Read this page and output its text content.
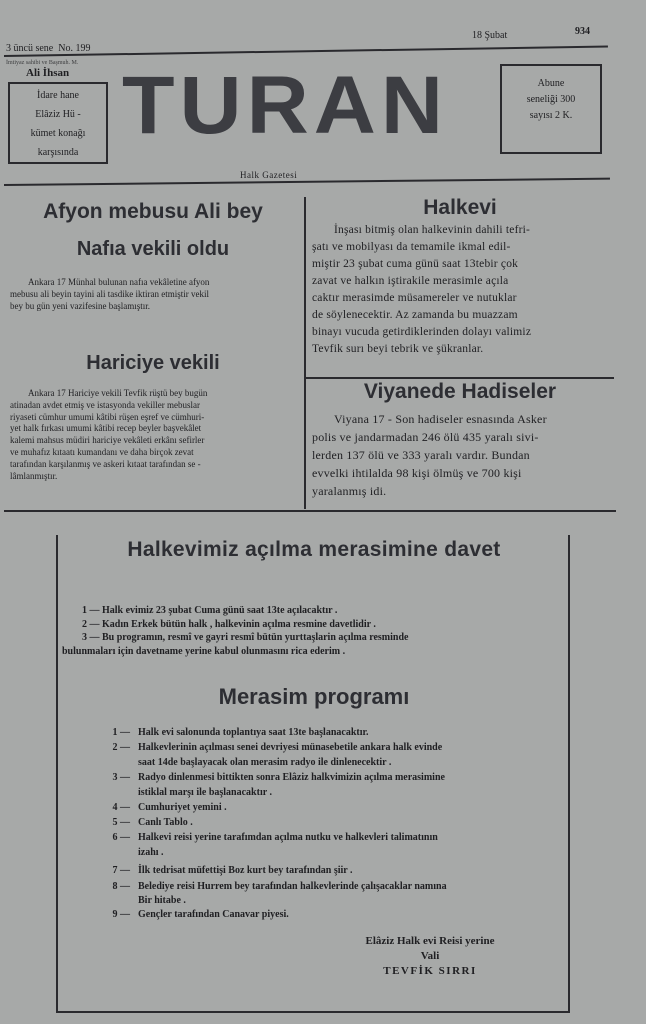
3 üncü sene No. 199
18 Şubat	934
İmtiyaz sahibi ve Başmuh. M.
Ali İhsan
İdare hane
Elâziz Hü -
kümet konağı
karşısında
TURAN	Abune
seneliği 300
sayısı 2 K.
Halk Gazetesi
Afyon mebusu Ali bey
Nafıa vekili oldu
Ankara 17 Münhal bulunan nafıa vekâletine afyon
mebusu ali beyin tayini ali tasdike iktiran etmiştir vekil
bey bu gün yeni vazifesine başlamıştır.
Hariciye vekili
Ankara 17 Hariciye vekili Tevfik rüştü bey bugün
atinadan avdet etmiş ve istasyonda vekiller mebuslar
riyaseti cümhur umumi kâtibi rüşen eşref ve cümhuri-
yet halk fırkası umumi kâtibi recep beyler başvekâlet
kalemi mahsus müdiri hariciye vekâleti erkânı sefirler
ve muhafız kıtaatı kumandanı ve daha birçok zevat
tarafından karşılanmış ve askeri kıtaat tarafından se -
lâmlanmıştır.
Halkevi
İnşası bitmiş olan halkevinin dahili tefri-
şatı ve mobilyası da temamile ikmal edil-
miştir 23 şubat cuma günü saat 13tebir çok
zavat ve halkın iştirakile merasimle açıla
caktır merasimde müsamereler ve nutuklar
de söylenecektir. Az zamanda bu muazzam
binayı vucuda getirdiklerinden dolayı valimiz
Tevfik surı beyi tebrik ve şükranlar.
Viyanede Hadiseler
Viyana 17 - Son hadiseler esnasında Asker
polis ve jandarmadan 246 ölü 435 yaralı sivi-
lerden 137 ölü ve 333 yaralı vardır. Bundan
evvelki ihtilalda 98 kişi ölmüş ve 700 kişi
yaralanmış idi.
Halkevimiz açılma merasimine davet
1 — Halk evimiz 23 şubat Cuma günü saat 13te açılacaktır .
2 — Kadın Erkek bütün halk , halkevinin açılma resmine davetlidir .
3 — Bu programın, resmî ve gayri resmî bütün yurttaşlarin açılma resminde
bulunmaları için davetname yerine kabul olunmasını rica ederim .
Merasim programı
1 — Halk evi salonunda toplantıya saat 13te başlanacaktır.
2 — Halkevlerinin açılması senei devriyesi münasebetile ankara halk evinde
saat 14de başlayacak olan merasim radyo ile dinlenecektir .
3 — Radyo dinlenmesi bittikten sonra Elâziz halkvimizin açılma merasimine
istiklal marşı ile başlanacaktır .
4 — Cumhuriyet yemini .
5 — Canlı Tablo .
6 — Halkevi reisi yerine tarafımdan açılma nutku ve halkevleri talimatının
izahı .
7 — İlk tedrisat müfettişi Boz kurt bey tarafından şiir .
8 — Belediye reisi Hurrem bey tarafından halkevlerinde çalışacaklar namına
Bir hitabe .
9 — Gençler tarafından Canavar piyesi.
Elâziz Halk evi Reisi yerine
Vali
TEVFİK SIRRI
